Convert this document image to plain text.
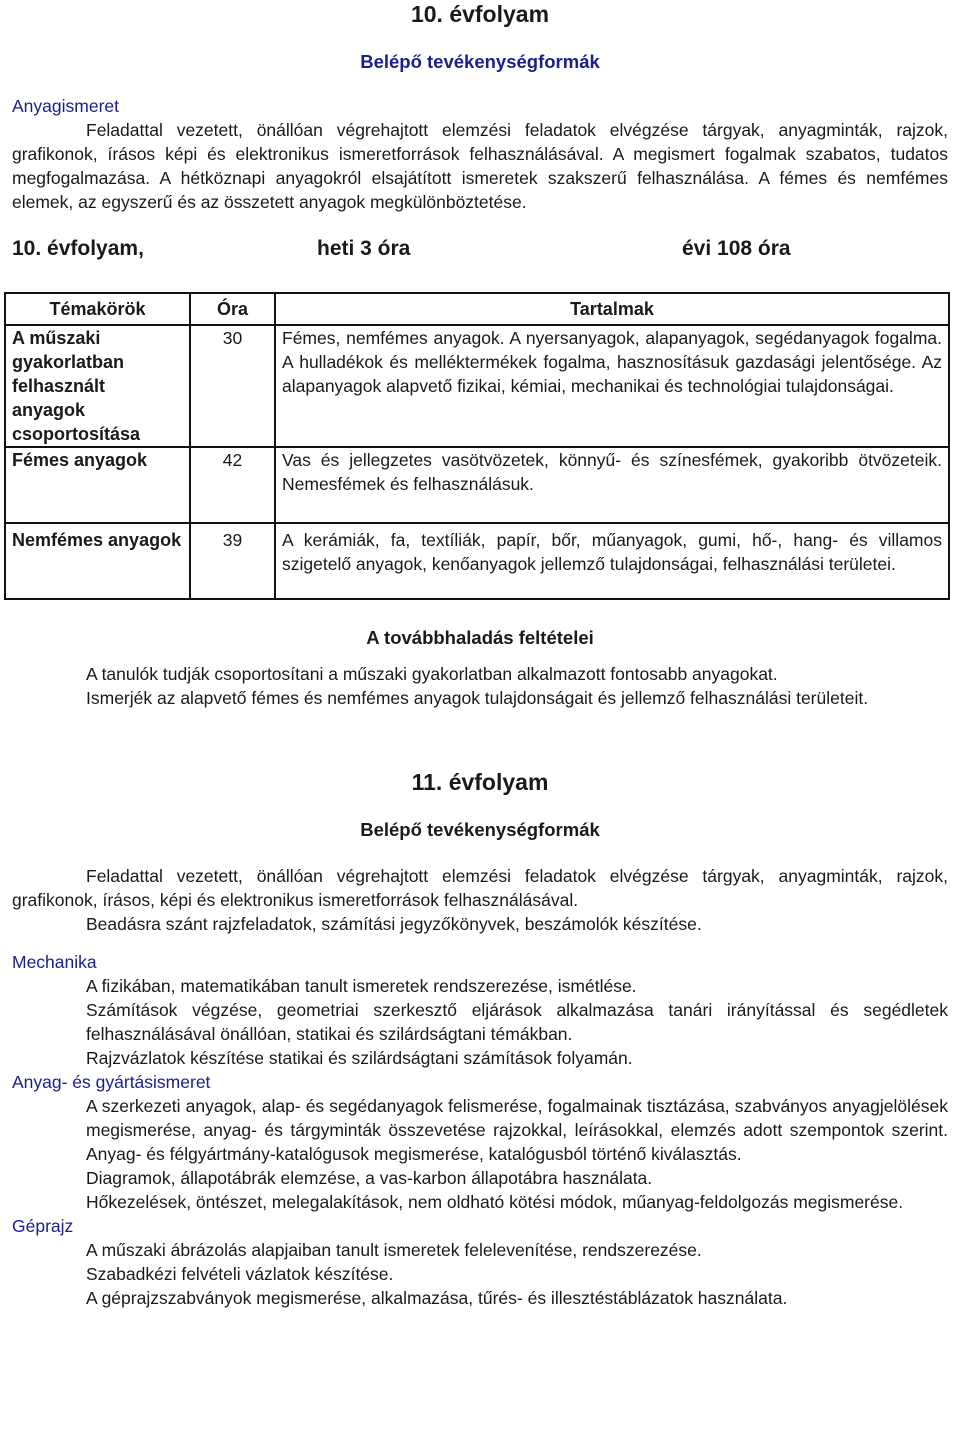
10. évfolyam
Belépő tevékenységformák
Anyagismeret
Feladattal vezetett, önállóan végrehajtott elemzési feladatok elvégzése tárgyak, anyagminták, rajzok, grafikonok, írásos képi és elektronikus ismeretforrások felhasználásával. A megismert fogalmak szabatos, tudatos megfogalmazása. A hétköznapi anyagokról elsajátított ismeretek szakszerű felhasználása. A fémes és nemfémes elemek, az egyszerű és az összetett anyagok megkülönböztetése.
10. évfolyam,	heti 3 óra	évi 108 óra
Témakörök	Óra	Tartalmak
A műszaki gyakorlatban felhasznált anyagok csoportosítása	30	Fémes, nemfémes anyagok. A nyersanyagok, alapanyagok, segédanyagok fogalma. A hulladékok és melléktermékek fogalma, hasznosításuk gazdasági jelentősége. Az alapanyagok alapvető fizikai, kémiai, mechanikai és technológiai tulajdonságai.
Fémes anyagok	42	Vas és jellegzetes vasötvözetek, könnyű- és színesfémek, gyakoribb ötvözeteik. Nemesfémek és felhasználásuk.
Nemfémes anyagok	39	A kerámiák, fa, textíliák, papír, bőr, műanyagok, gumi, hő-, hang- és villamos szigetelő anyagok, kenőanyagok jellemző tulajdonságai, felhasználási területei.
A továbbhaladás feltételei
A tanulók tudják csoportosítani a műszaki gyakorlatban alkalmazott fontosabb anyagokat.
Ismerjék az alapvető fémes és nemfémes anyagok tulajdonságait és jellemző felhasználási területeit.
11. évfolyam
Belépő tevékenységformák
Feladattal vezetett, önállóan végrehajtott elemzési feladatok elvégzése tárgyak, anyagminták, rajzok, grafikonok, írásos, képi és elektronikus ismeretforrások felhasználásával.
Beadásra szánt rajzfeladatok, számítási jegyzőkönyvek, beszámolók készítése.
Mechanika
A fizikában, matematikában tanult ismeretek rendszerezése, ismétlése.
Számítások végzése, geometriai szerkesztő eljárások alkalmazása tanári irányítással és segédletek felhasználásával önállóan, statikai és szilárdságtani témákban.
Rajzvázlatok készítése statikai és szilárdságtani számítások folyamán.
Anyag- és gyártásismeret
A szerkezeti anyagok, alap- és segédanyagok felismerése, fogalmainak tisztázása, szabványos anyagjelölések megismerése, anyag- és tárgyminták összevetése rajzokkal, leírásokkal, elemzés adott szempontok szerint. Anyag- és félgyártmány-katalógusok megismerése, katalógusból történő kiválasztás.
Diagramok, állapotábrák elemzése, a vas-karbon állapotábra használata.
Hőkezelések, öntészet, melegalakítások, nem oldható kötési módok, műanyag-feldolgozás megismerése.
Géprajz
A műszaki ábrázolás alapjaiban tanult ismeretek felelevenítése, rendszerezése.
Szabadkézi felvételi vázlatok készítése.
A géprajzszabványok megismerése, alkalmazása, tűrés- és illesztéstáblázatok használata.
